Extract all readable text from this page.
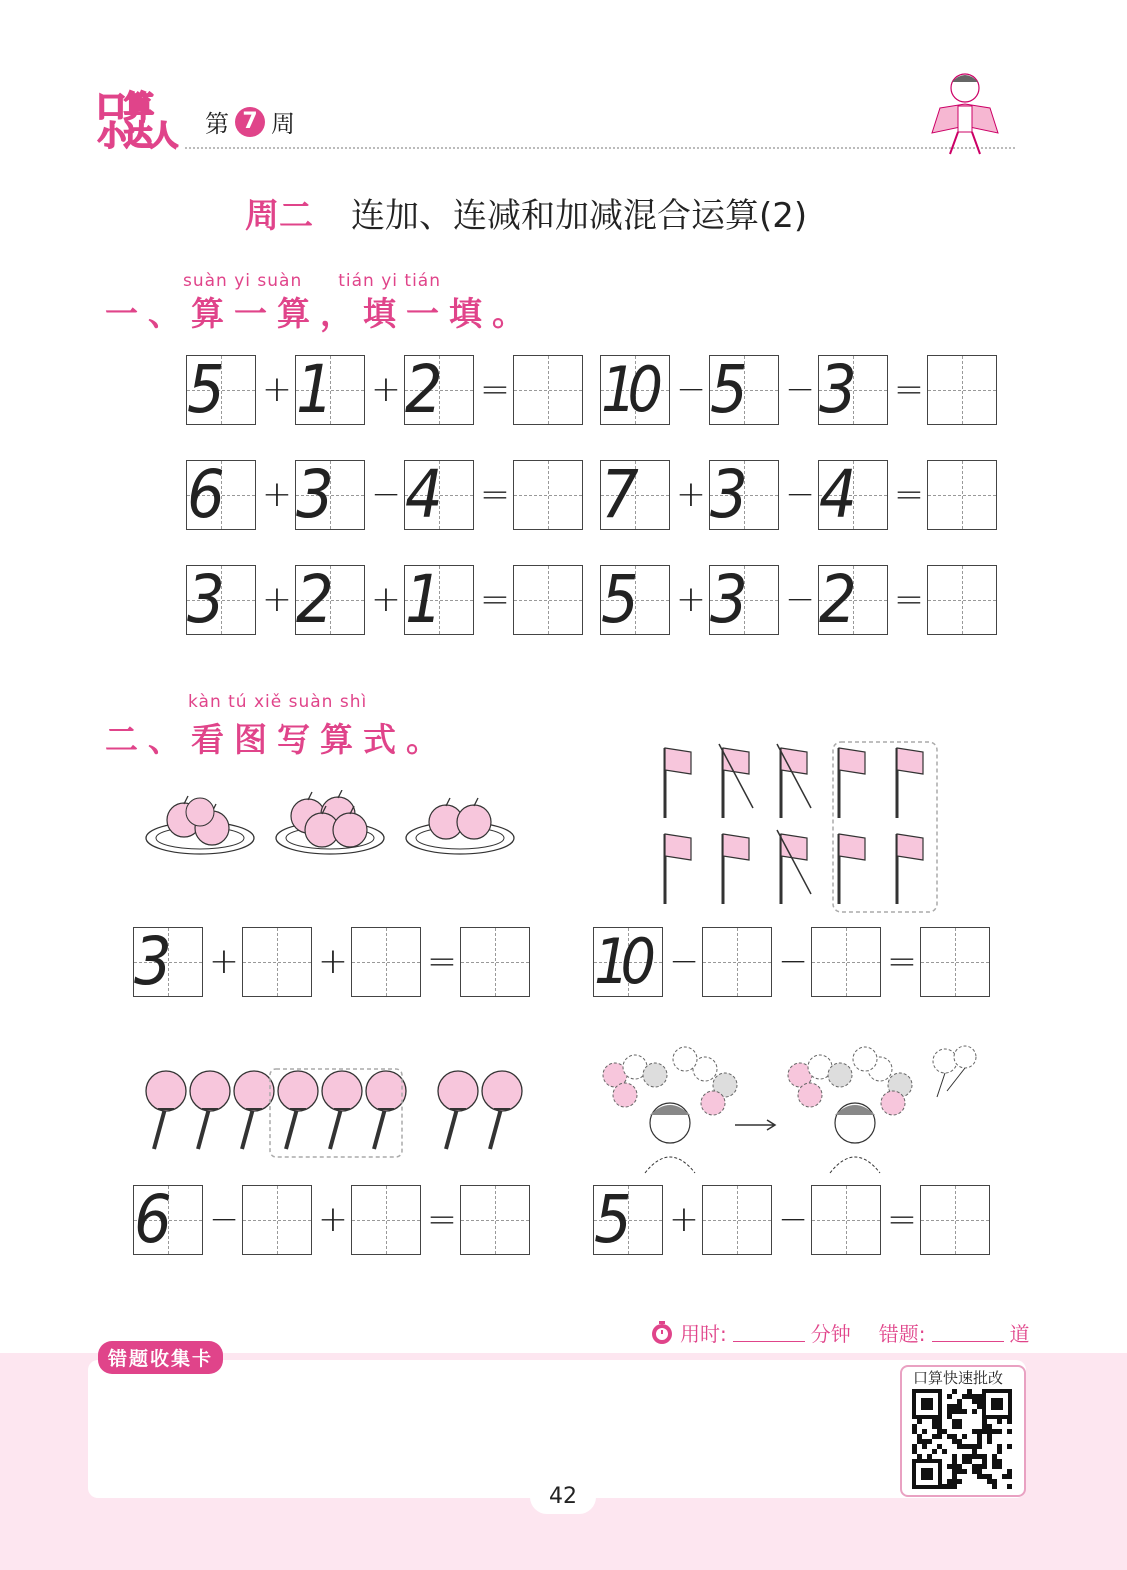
口算
小达人 第 7 周
周二 连加、连减和加减混合运算(2)
suàn yi suàn　　tián yi tián
一、算一算，填一填。
kàn tú xiě suàn shì
二、看图写算式。
5 + 1 + 2 = 10 − 5 − 3 =
6 + 3 − 4 = 7 + 3 − 4 =
3 + 2 + 1 = 5 + 3 − 2 =
3 + + = 10 − − =
6 − + = 5 + − =
错题收集卡
用时:	分钟 错题:	道
口算快速批改
42
